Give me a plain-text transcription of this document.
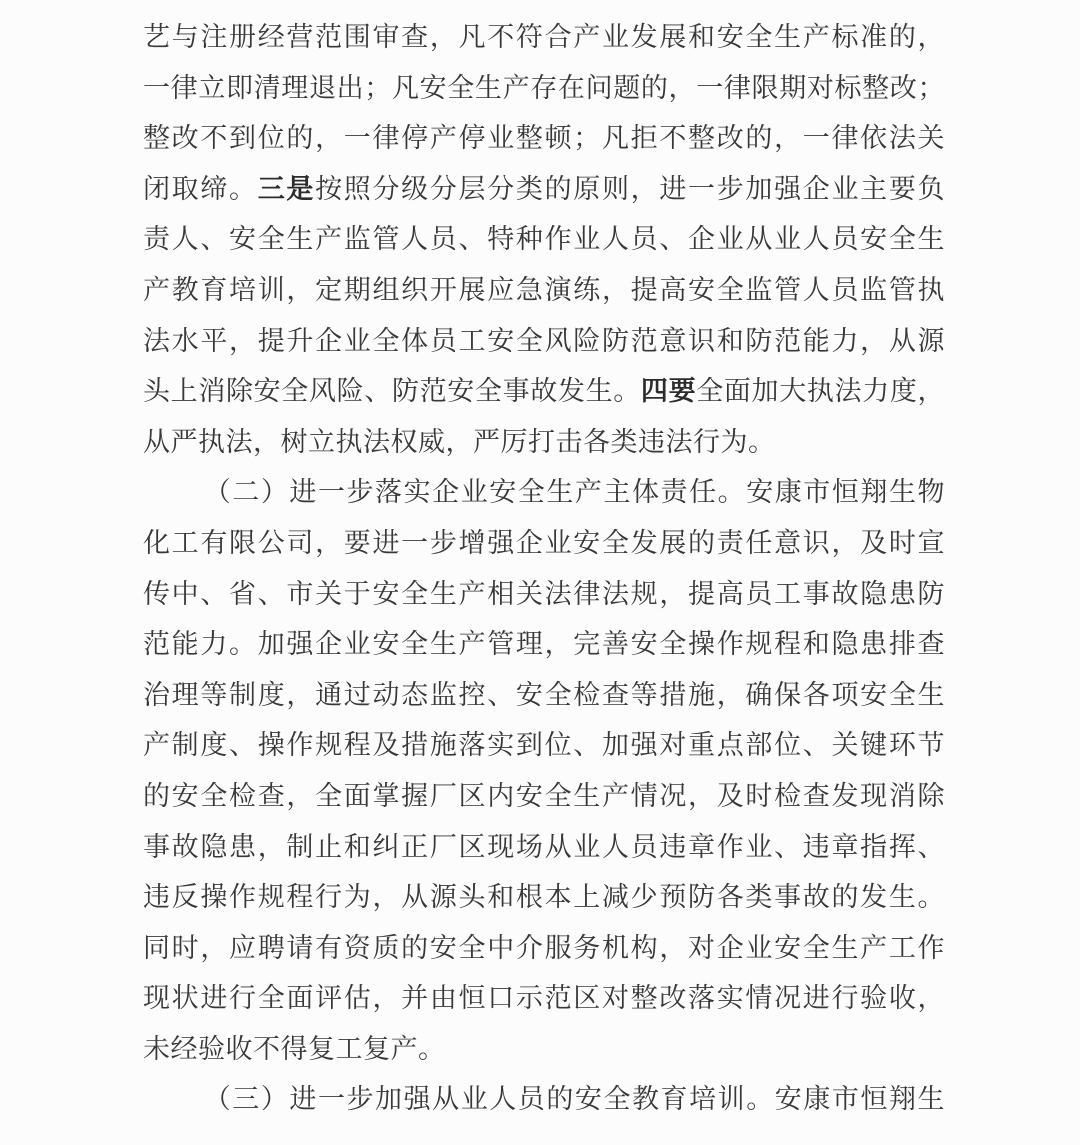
艺与注册经营范围审查，凡不符合产业发展和安全生产标准的，
一律立即清理退出；凡安全生产存在问题的，一律限期对标整改；
整改不到位的，一律停产停业整顿；凡拒不整改的，一律依法关
闭取缔。三是按照分级分层分类的原则，进一步加强企业主要负
责人、安全生产监管人员、特种作业人员、企业从业人员安全生
产教育培训，定期组织开展应急演练，提高安全监管人员监管执
法水平，提升企业全体员工安全风险防范意识和防范能力，从源
头上消除安全风险、防范安全事故发生。四要全面加大执法力度，
从严执法，树立执法权威，严厉打击各类违法行为。
（二）进一步落实企业安全生产主体责任。安康市恒翔生物
化工有限公司，要进一步增强企业安全发展的责任意识，及时宣
传中、省、市关于安全生产相关法律法规，提高员工事故隐患防
范能力。加强企业安全生产管理，完善安全操作规程和隐患排查
治理等制度，通过动态监控、安全检查等措施，确保各项安全生
产制度、操作规程及措施落实到位、加强对重点部位、关键环节
的安全检查，全面掌握厂区内安全生产情况，及时检查发现消除
事故隐患，制止和纠正厂区现场从业人员违章作业、违章指挥、
违反操作规程行为，从源头和根本上减少预防各类事故的发生。
同时，应聘请有资质的安全中介服务机构，对企业安全生产工作
现状进行全面评估，并由恒口示范区对整改落实情况进行验收，
未经验收不得复工复产。
（三）进一步加强从业人员的安全教育培训。安康市恒翔生
